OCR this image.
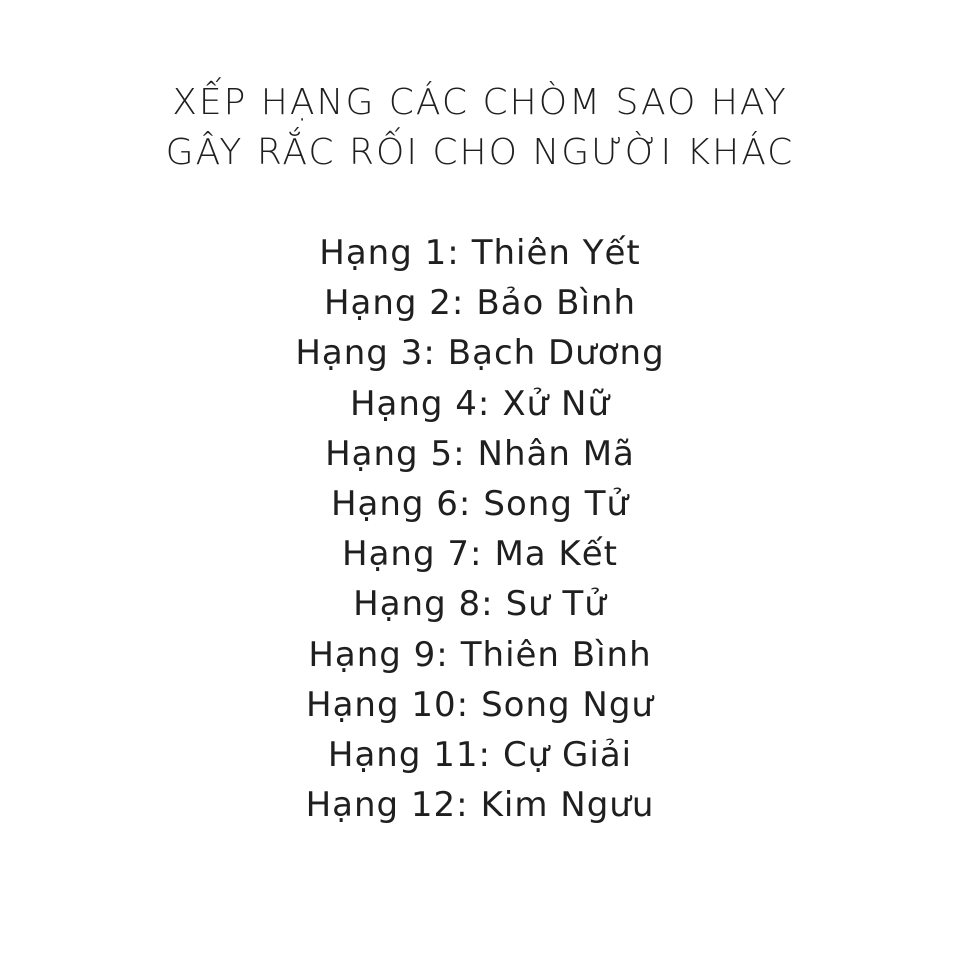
XẾP HẠNG CÁC CHÒM SAO HAY
GÂY RẮC RỐI CHO NGƯỜI KHÁC
Hạng 1: Thiên Yết
Hạng 2: Bảo Bình
Hạng 3: Bạch Dương
Hạng 4: Xử Nữ
Hạng 5: Nhân Mã
Hạng 6: Song Tử
Hạng 7: Ma Kết
Hạng 8: Sư Tử
Hạng 9: Thiên Bình
Hạng 10: Song Ngư
Hạng 11: Cự Giải
Hạng 12: Kim Ngưu
